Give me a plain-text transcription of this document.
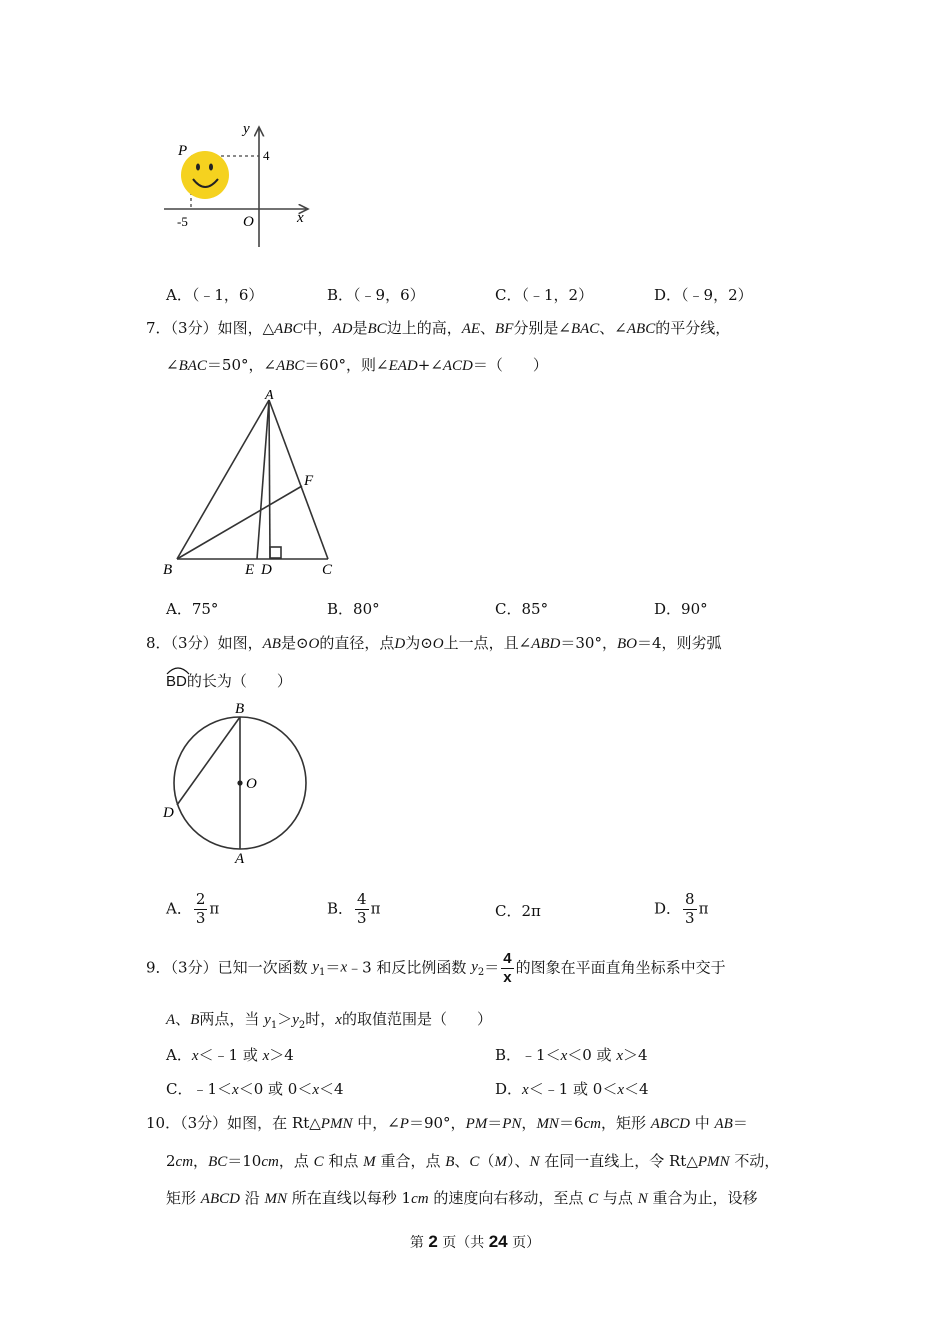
y
4
P
-5	O	x
A．（﹣1，6）	B．（﹣9，6）	C．（﹣1，2）	D．（﹣9，2）
7．（3分）如图，△ABC中，AD是BC边上的高，AE、BF分别是∠BAC、∠ABC的平分线，
∠BAC＝50°，∠ABC＝60°，则∠EAD+∠ACD＝（　　）
A
B	E D	C
F
A．75°	B．80°	C．85°	D．90°
8．（3分）如图，AB是⊙O的直径，点D为⊙O上一点，且∠ABD＝30°，BO＝4，则劣弧
BD的长为（　　）
B
O
D
A
A． $\frac{2}{3}$ π	B． $\frac{4}{3}$ π	C．2π	D． $\frac{8}{3}$ π
9．（3分）已知一次函数 $y_1=x﹣3$ 和反比例函数 $y_2= \frac{4}{x}$ 的图象在平面直角坐标系中交于
A、B两点，当 $y_1>y_2$时，x的取值范围是（　　）
A．x＜﹣1 或 x＞4	B．﹣1＜x＜0 或 x＞4
C．﹣1＜x＜0 或 0＜x＜4	D．x＜﹣1 或 0＜x＜4
10．（3分）如图，在 Rt△PMN 中，∠P＝90°，PM＝PN，MN＝6cm，矩形 ABCD 中 AB＝
2cm，BC＝10cm，点 C 和点 M 重合，点 B、C（M）、N 在同一直线上，令 Rt△PMN 不动，
矩形 ABCD 沿 MN 所在直线以每秒 1cm 的速度向右移动，至点 C 与点 N 重合为止，设移
第 2 页（共 24 页）
